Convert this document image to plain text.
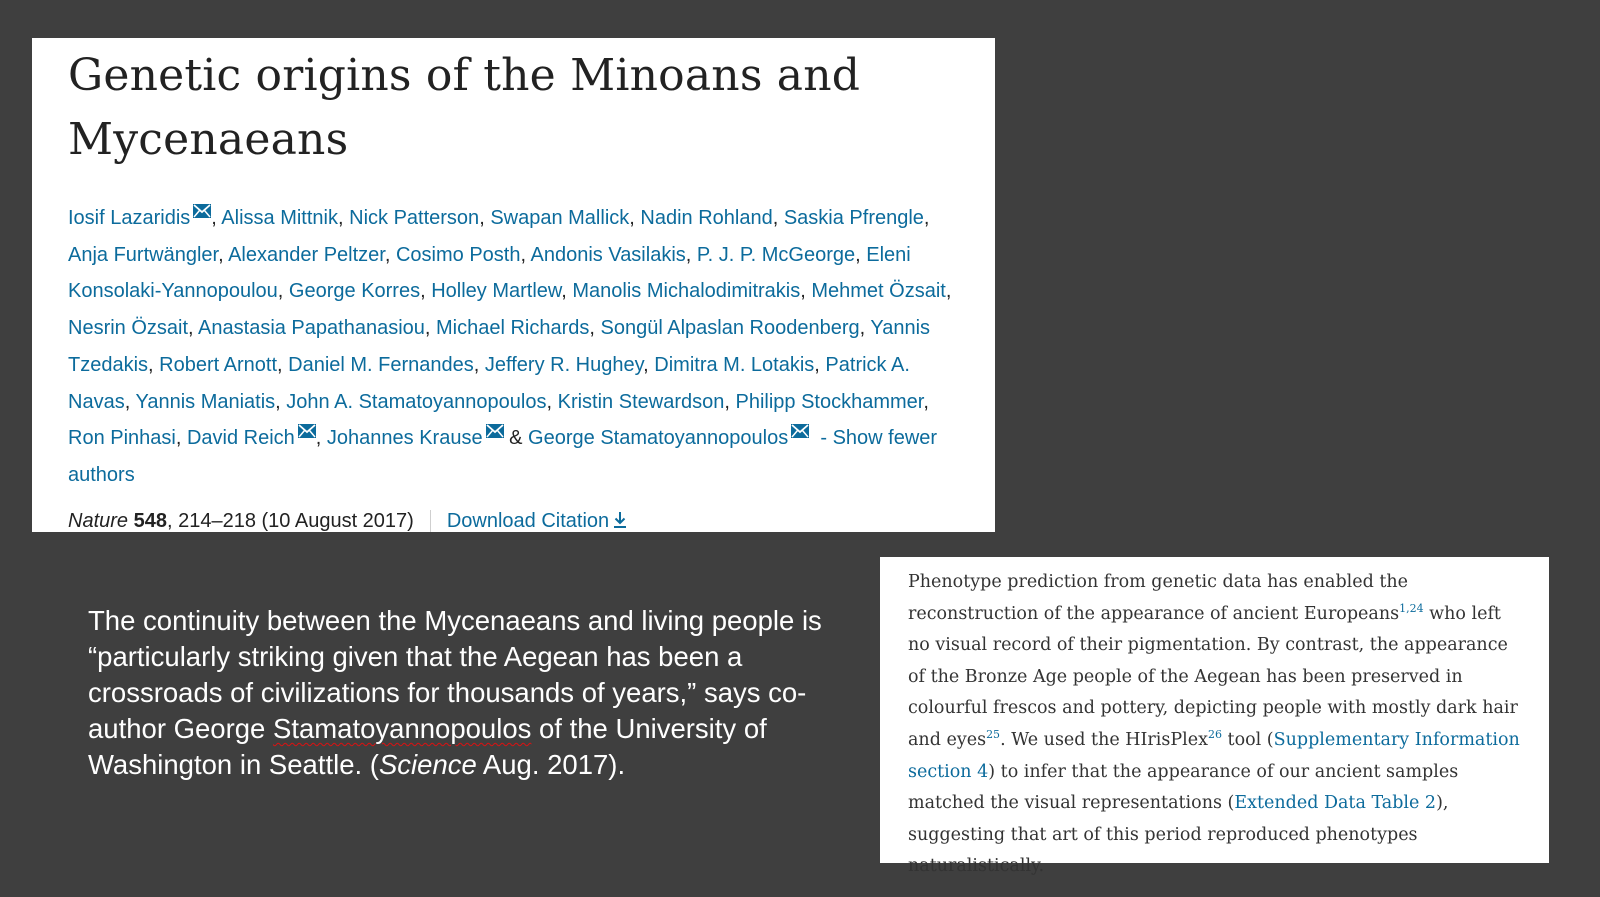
Genetic origins of the Minoans and Mycenaeans
Iosif Lazaridis , Alissa Mittnik, Nick Patterson, Swapan Mallick, Nadin Rohland, Saskia Pfrengle, Anja Furtwängler, Alexander Peltzer, Cosimo Posth, Andonis Vasilakis, P. J. P. McGeorge, Eleni Konsolaki-Yannopoulou, George Korres, Holley Martlew, Manolis Michalodimitrakis, Mehmet Özsait, Nesrin Özsait, Anastasia Papathanasiou, Michael Richards, Songül Alpaslan Roodenberg, Yannis Tzedakis, Robert Arnott, Daniel M. Fernandes, Jeffery R. Hughey, Dimitra M. Lotakis, Patrick A. Navas, Yannis Maniatis, John A. Stamatoyannopoulos, Kristin Stewardson, Philipp Stockhammer, Ron Pinhasi, David Reich , Johannes Krause & George Stamatoyannopoulos - Show fewer authors
Nature 548, 214–218 (10 August 2017) Download Citation
The continuity between the Mycenaeans and living people is “particularly striking given that the Aegean has been a crossroads of civilizations for thousands of years,” says co-author George Stamatoyannopoulos of the University of Washington in Seattle. (Science Aug. 2017).
Phenotype prediction from genetic data has enabled the reconstruction of the appearance of ancient Europeans$^{1,24}$ who left no visual record of their pigmentation. By contrast, the appearance of the Bronze Age people of the Aegean has been preserved in colourful frescos and pottery, depicting people with mostly dark hair and eyes$^{25}$. We used the HIrisPlex$^{26}$ tool (Supplementary Information section 4) to infer that the appearance of our ancient samples matched the visual representations (Extended Data Table 2), suggesting that art of this period reproduced phenotypes naturalistically.
